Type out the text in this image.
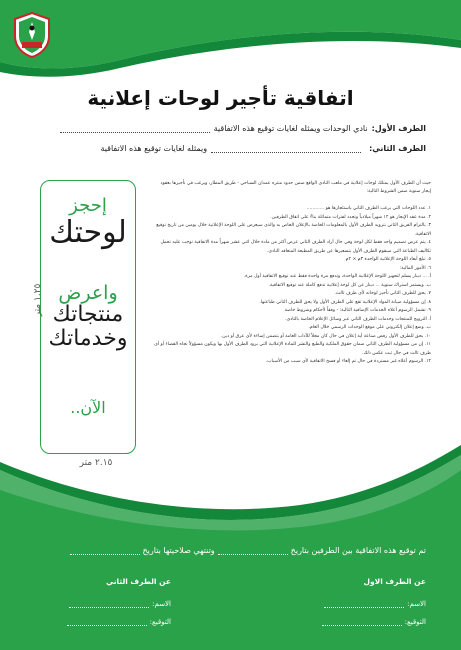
اتفاقية تأجير لوحات إعلانية
الطرف الأول:نادي الوحدات ويمثله لغايات توقيع هذه الاتفاقية
الطرف الثاني:ويمثله لغايات توقيع هذه الاتفاقية
حيث أن الطرف الأول يمتلك لوحات إعلانية في ملعب النادي الواقع ضمن حدود منتزه عمدان السباحي - طريق المطار، ويرغب في تأجيرها بعقود إيجار سنوية ضمن الشروط التالية:
١. عدد اللوحات التي يرغب الطرف الثاني باستئجارها هو ............
٢. مدة عقد الإيجار هو ١٢ شهراً ميلادياً وتجدد لفترات متماثلة بناءً على اتفاق الطرفين.
٣. بالتزام الفريق الثاني بتزويد الطرف الأول بالمعلومات الخاصة بالإعلان الخاص به والذي سيعرض على اللوحة الإعلانية خلال يومين من تاريخ توقيع الاتفاقية.
٤. يتم عرض تصميم واحد فقط لكل لوحة وفي حال أراد الطرف الثاني عرض أكثر من مادة خلال اثني عشر شهراً مدة الاتفاقية توجب عليه تحمل تكاليف الطباعة التي سيقوم الطرف الأول بتسعيرها عن طريق المطبعة المتعاقد النادي.
٥. تبلغ أبعاد اللوحة الإعلانية الواحدة ٣م × ٢م
٦. الأمور المالية:
أ. ... دينار يسلم لتجهيز اللوحة الإعلانية الواحدة، وتدفع مرة واحدة فقط عند توقيع الاتفاقية أول مرة.
ب. ويستمر اشتراك سنوية ... دينار عن كل لوحة إعلانية تدفع كاملة عند توقيع الاتفاقية.
٧. يحق للطرف الثاني تأجير لوحاته لأي طرف ثالث.
٨. إن مسؤولية صيانة المواد الإعلانية تقع على الطرف الأول ولا يحق للطرف الثاني طباعتها.
٩. تشمل الرسوم أعلاه الخدمات الإضافية التالية: - وفقاً لأحكام وشروط خاصة
أ. الترويج للمنتجات وخدمات الطرف الثاني عبر وسائل الإعلام الخاصة بالنادي.
ب. وضع إعلان إلكتروني على موقع الوحدات الرسمي خلال العام.
١٠. يحق للطرف الأول رفض صناعة أية إعلان في حال كان مخلاً للآداب العامة أو يتضمن إساءة لأي عرق أو دين.
١١. إن من مسؤولية الطرف الثاني ضمان حقوق الملكية والطبع والنشر للمادة الإعلانية التي يزود الطرف الأول بها ويكون مسؤولاً تجاه القضاء أو أي طرف ثالث في حال ثبت عكس ذلك.
١٢. الرسوم أعلاه غير مستردة في حال تم إلغاء أو فسخ الاتفاقية لأي سبب من الأسباب.
إحجز
لوحتك
واعرض
منتجاتك
وخدماتك
الآن..
١.٢٥ متر
٢.١٥ متر
تم توقيع هذه الاتفاقية بين الطرفين بتاريخوتنتهي صلاحيتها بتاريخ
عن الطرف الاول
الاسم:
التوقيع:
عن الطرف الثاني
الاسم:
التوقيع:
